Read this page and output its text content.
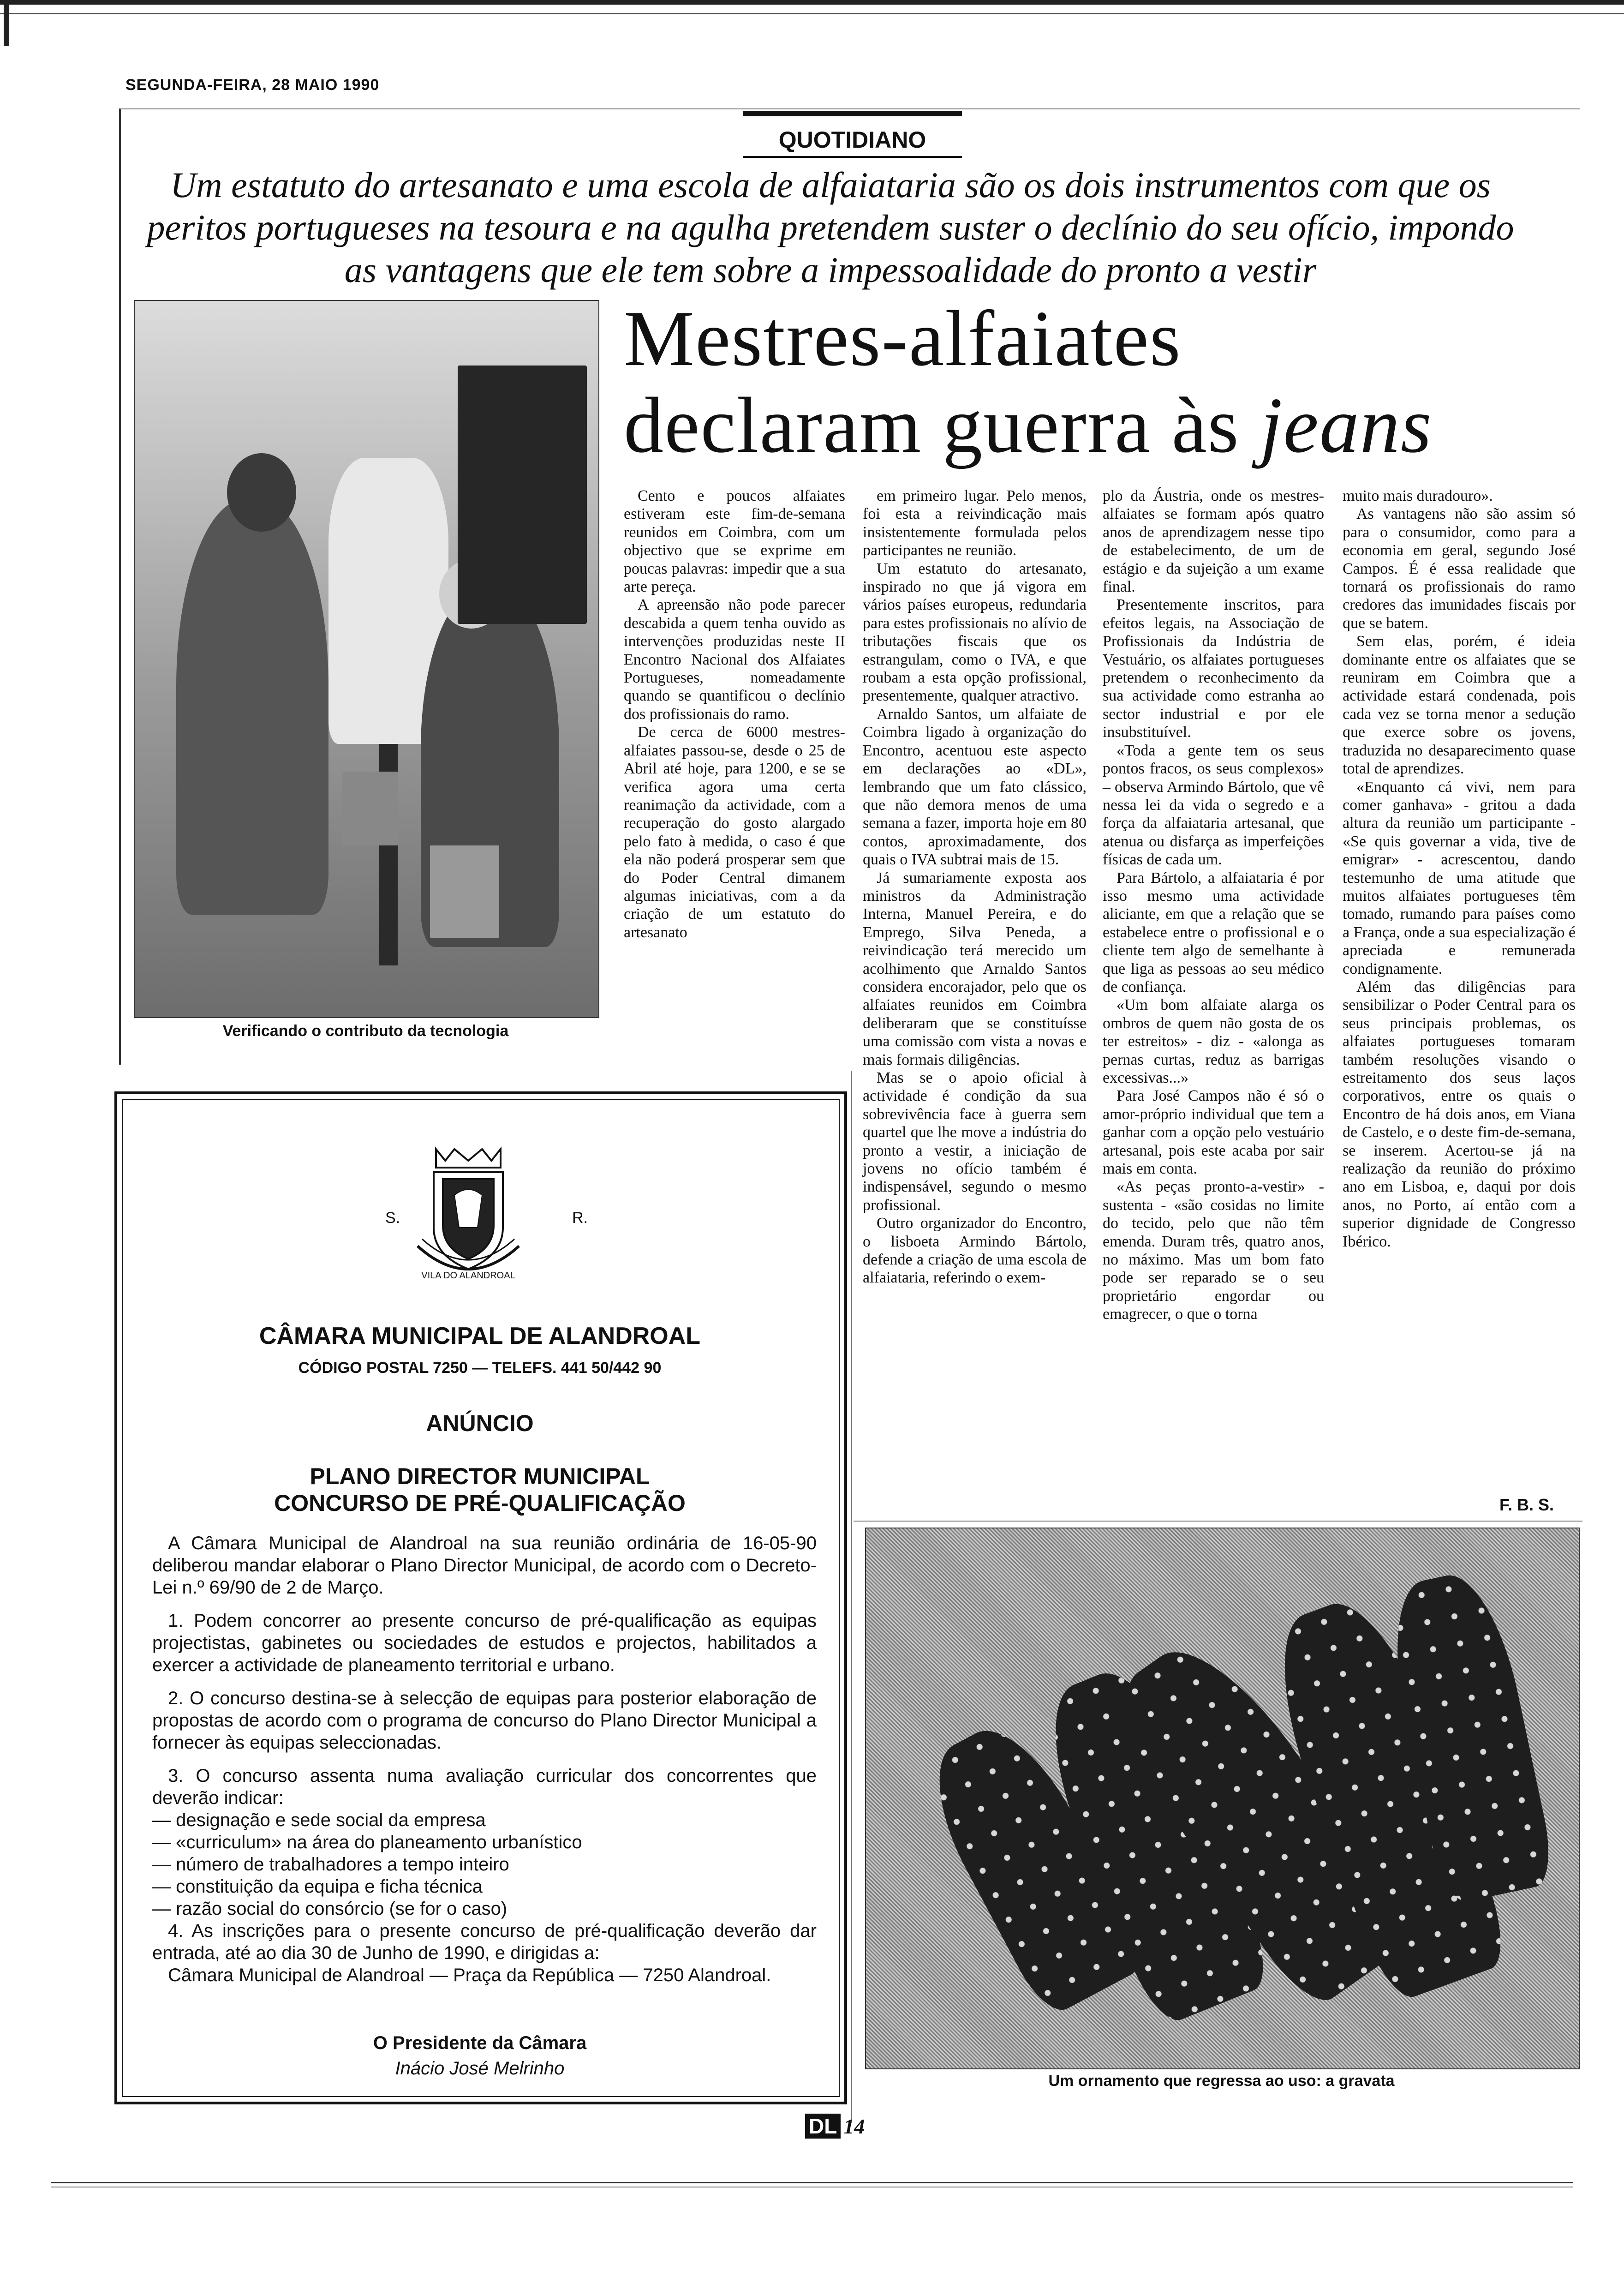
SEGUNDA-FEIRA, 28 MAIO 1990
QUOTIDIANO
Um estatuto do artesanato e uma escola de alfaiataria são os dois instrumentos com que os peritos portugueses na tesoura e na agulha pretendem suster o declínio do seu ofício, impondo as vantagens que ele tem sobre a impessoalidade do pronto a vestir
Mestres-alfaiates
declaram guerra às jeans
Verificando o contributo da tecnologia

Cento e poucos alfaiates estiveram este fim-de-semana reunidos em Coimbra, com um objectivo que se exprime em poucas palavras: impedir que a sua arte pereça.

A apreensão não pode parecer descabida a quem tenha ouvido as intervenções produzidas neste II Encontro Nacional dos Alfaiates Portugueses, nomeadamente quando se quantificou o declínio dos profissionais do ramo.

De cerca de 6000 mestres-alfaiates passou-se, desde o 25 de Abril até hoje, para 1200, e se se verifica agora uma certa reanimação da actividade, com a recuperação do gosto alargado pelo fato à medida, o caso é que ela não poderá prosperar sem que do Poder Central dimanem algumas iniciativas, com a da criação de um estatuto do artesanato

em primeiro lugar. Pelo menos, foi esta a reivindicação mais insistentemente formulada pelos participantes ne reunião.

Um estatuto do artesanato, inspirado no que já vigora em vários países europeus, redundaria para estes profissionais no alívio de tributações fiscais que os estrangulam, como o IVA, e que roubam a esta opção profissional, presentemente, qualquer atractivo.

Arnaldo Santos, um alfaiate de Coimbra ligado à organização do Encontro, acentuou este aspecto em declarações ao «DL», lembrando que um fato clássico, que não demora menos de uma semana a fazer, importa hoje em 80 contos, aproximadamente, dos quais o IVA subtrai mais de 15.

Já sumariamente exposta aos ministros da Administração Interna, Manuel Pereira, e do Emprego, Silva Peneda, a reivindicação terá merecido um acolhimento que Arnaldo Santos considera encorajador, pelo que os alfaiates reunidos em Coimbra deliberaram que se constituísse uma comissão com vista a novas e mais formais diligências.

Mas se o apoio oficial à actividade é condição da sua sobrevivência face à guerra sem quartel que lhe move a indústria do pronto a vestir, a iniciação de jovens no ofício também é indispensável, segundo o mesmo profissional.

Outro organizador do Encontro, o lisboeta Armindo Bártolo, defende a criação de uma escola de alfaiataria, referindo o exem-

plo da Áustria, onde os mestres-alfaiates se formam após quatro anos de aprendizagem nesse tipo de estabelecimento, de um de estágio e da sujeição a um exame final.

Presentemente inscritos, para efeitos legais, na Associação de Profissionais da Indústria de Vestuário, os alfaiates portugueses pretendem o reconhecimento da sua actividade como estranha ao sector industrial e por ele insubstituível.

«Toda a gente tem os seus pontos fracos, os seus complexos» – observa Armindo Bártolo, que vê nessa lei da vida o segredo e a força da alfaiataria artesanal, que atenua ou disfarça as imperfeições físicas de cada um.

Para Bártolo, a alfaiataria é por isso mesmo uma actividade aliciante, em que a relação que se estabelece entre o profissional e o cliente tem algo de semelhante à que liga as pessoas ao seu médico de confiança.

«Um bom alfaiate alarga os ombros de quem não gosta de os ter estreitos» - diz - «alonga as pernas curtas, reduz as barrigas excessivas...»

Para José Campos não é só o amor-próprio individual que tem a ganhar com a opção pelo vestuário artesanal, pois este acaba por sair mais em conta.

«As peças pronto-a-vestir» - sustenta - «são cosidas no limite do tecido, pelo que não têm emenda. Duram três, quatro anos, no máximo. Mas um bom fato pode ser reparado se o seu proprietário engordar ou emagrecer, o que o torna

muito mais duradouro».

As vantagens não são assim só para o consumidor, como para a economia em geral, segundo José Campos. É é essa realidade que tornará os profissionais do ramo credores das imunidades fiscais por que se batem.

Sem elas, porém, é ideia dominante entre os alfaiates que se reuniram em Coimbra que a actividade estará condenada, pois cada vez se torna menor a sedução que exerce sobre os jovens, traduzida no desaparecimento quase total de aprendizes.

«Enquanto cá vivi, nem para comer ganhava» - gritou a dada altura da reunião um participante - «Se quis governar a vida, tive de emigrar» - acrescentou, dando testemunho de uma atitude que muitos alfaiates portugueses têm tomado, rumando para países como a França, onde a sua especialização é apreciada e remunerada condignamente.

Além das diligências para sensibilizar o Poder Central para os seus principais problemas, os alfaiates portugueses tomaram também resoluções visando o estreitamento dos seus laços corporativos, entre os quais o Encontro de há dois anos, em Viana de Castelo, e o deste fim-de-semana, se inserem. Acertou-se já na realização da reunião do próximo ano em Lisboa, e, daqui por dois anos, no Porto, aí então com a superior dignidade de Congresso Ibérico.

F. B. S.
VILA DO ALANDROAL
S.	R.
CÂMARA MUNICIPAL DE ALANDROAL
CÓDIGO POSTAL 7250 — TELEFS. 441 50/442 90
ANÚNCIO
PLANO DIRECTOR MUNICIPAL
CONCURSO DE PRÉ-QUALIFICAÇÃO

A Câmara Municipal de Alandroal na sua reunião ordinária de 16-05-90 deliberou mandar elaborar o Plano Director Municipal, de acordo com o Decreto-Lei n.º 69/90 de 2 de Março.

1. Podem concorrer ao presente concurso de pré-qualificação as equipas projectistas, gabinetes ou sociedades de estudos e projectos, habilitados a exercer a actividade de planeamento territorial e urbano.

2. O concurso destina-se à selecção de equipas para posterior elaboração de propostas de acordo com o programa de concurso do Plano Director Municipal a fornecer às equipas seleccionadas.

3. O concurso assenta numa avaliação curricular dos concorrentes que deverão indicar:

— designação e sede social da empresa

— «curriculum» na área do planeamento urbanístico

— número de trabalhadores a tempo inteiro

— constituição da equipa e ficha técnica

— razão social do consórcio (se for o caso)

4. As inscrições para o presente concurso de pré-qualificação deverão dar entrada, até ao dia 30 de Junho de 1990, e dirigidas a:

Câmara Municipal de Alandroal — Praça da República — 7250 Alandroal.

O Presidente da Câmara
Inácio José Melrinho
Um ornamento que regressa ao uso: a gravata
DL 14
